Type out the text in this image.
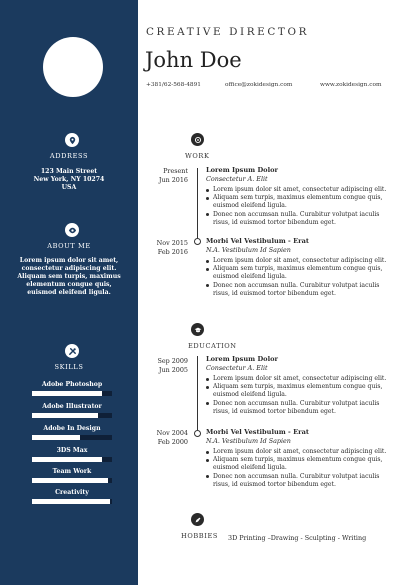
ADDRESS
123 Main Street
New York, NY 10274
USA
ABOUT ME
Lorem ipsum dolor sit amet,
consectetur adipiscing elit.
Aliquam sem turpis, maximus
elementum congue quis,
euismod eleifend ligula.
SKILLS
Adobe Photoshop
Adobe Illustrator
Adobe In Design
3DS Max
Team Work
Creativity
CREATIVE DIRECTOR
John Doe
+381/62-568-4891	office@zokidesign.com	www.zokidesign.com
WORK
Present
Jun 2016
Lorem Ipsum Dolor
Consectetur A. Elit
Lorem ipsum dolor sit amet, consectetur adipiscing elit.
Aliquam sem turpis, maximus elementum congue quis, euismod eleifend ligula.
Donec non accumsan nulla. Curabitur volutpat iaculis risus, id euismod tortor bibendum eget.
Nov 2015
Feb 2016
Morbi Vel Vestibulum - Erat
N.A. Vestibulum Id Sapien
Lorem ipsum dolor sit amet, consectetur adipiscing elit.
Aliquam sem turpis, maximus elementum congue quis, euismod eleifend ligula.
Donec non accumsan nulla. Curabitur volutpat iaculis risus, id euismod tortor bibendum eget.
EDUCATION
Sep 2009
Jun 2005
Lorem Ipsum Dolor
Consectetur A. Elit
Lorem ipsum dolor sit amet, consectetur adipiscing elit.
Aliquam sem turpis, maximus elementum congue quis, euismod eleifend ligula.
Donec non accumsan nulla. Curabitur volutpat iaculis risus, id euismod tortor bibendum eget.
Nov 2004
Feb 2000
Morbi Vel Vestibulum - Erat
N.A. Vestibulum Id Sapien
Lorem ipsum dolor sit amet, consectetur adipiscing elit.
Aliquam sem turpis, maximus elementum congue quis, euismod eleifend ligula.
Donec non accumsan nulla. Curabitur volutpat iaculis risus, id euismod tortor bibendum eget.
HOBBIES 3D Printing –Drawing - Sculpting - Writing
